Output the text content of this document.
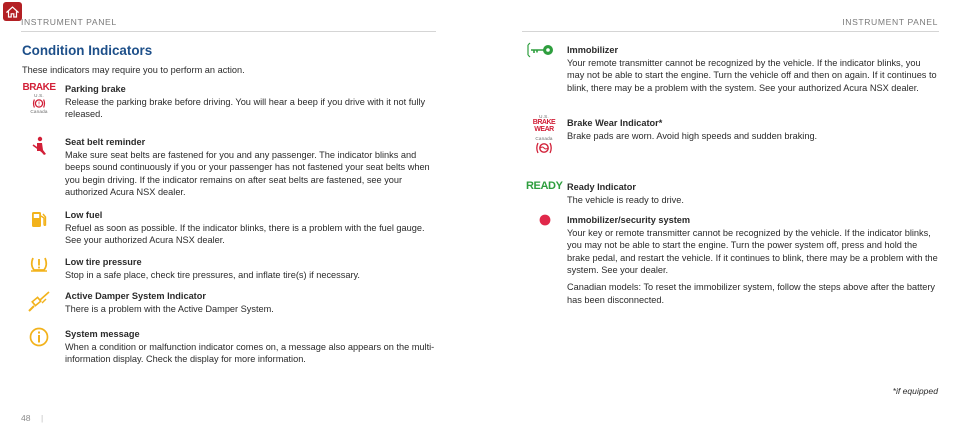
INSTRUMENT PANEL	INSTRUMENT PANEL
Condition Indicators
These indicators may require you to perform an action.
BRAKE
U.S.
!
Canada
Parking brake
Release the parking brake before driving. You will hear a beep if you drive with it not fully released.
Seat belt reminder
Make sure seat belts are fastened for you and any passenger. The indicator blinks and beeps sound continuously if you or your passenger has not fastened your seat belts when you begin driving. If the indicator remains on after seat belts are fastened, see your authorized Acura NSX dealer.
Low fuel
Refuel as soon as possible. If the indicator blinks, there is a problem with the fuel gauge. See your authorized Acura NSX dealer.
Low tire pressure
Stop in a safe place, check tire pressures, and inflate tire(s) if necessary.
Active Damper System Indicator
There is a problem with the Active Damper System.
System message
When a condition or malfunction indicator comes on, a message also appears on the multi-information display. Check the display for more information.
U.S.
BRAKE
WEAR
Canada
READY
Immobilizer
Your remote transmitter cannot be recognized by the vehicle. If the indicator blinks, you may not be able to start the engine. Turn the vehicle off and then on again. If it continues to blink, there may be a problem with the system. See your authorized Acura NSX dealer.
Brake Wear Indicator*
Brake pads are worn. Avoid high speeds and sudden braking.
Ready Indicator
The vehicle is ready to drive.
Immobilizer/security system
Your key or remote transmitter cannot be recognized by the vehicle. If the indicator blinks, you may not be able to start the engine. Turn the power system off, press and hold the brake pedal, and restart the vehicle. If it continues to blink, there may be a problem with the system. See your dealer.
Canadian models: To reset the immobilizer system, follow the steps above after the battery has been disconnected.
*if equipped
48 |
